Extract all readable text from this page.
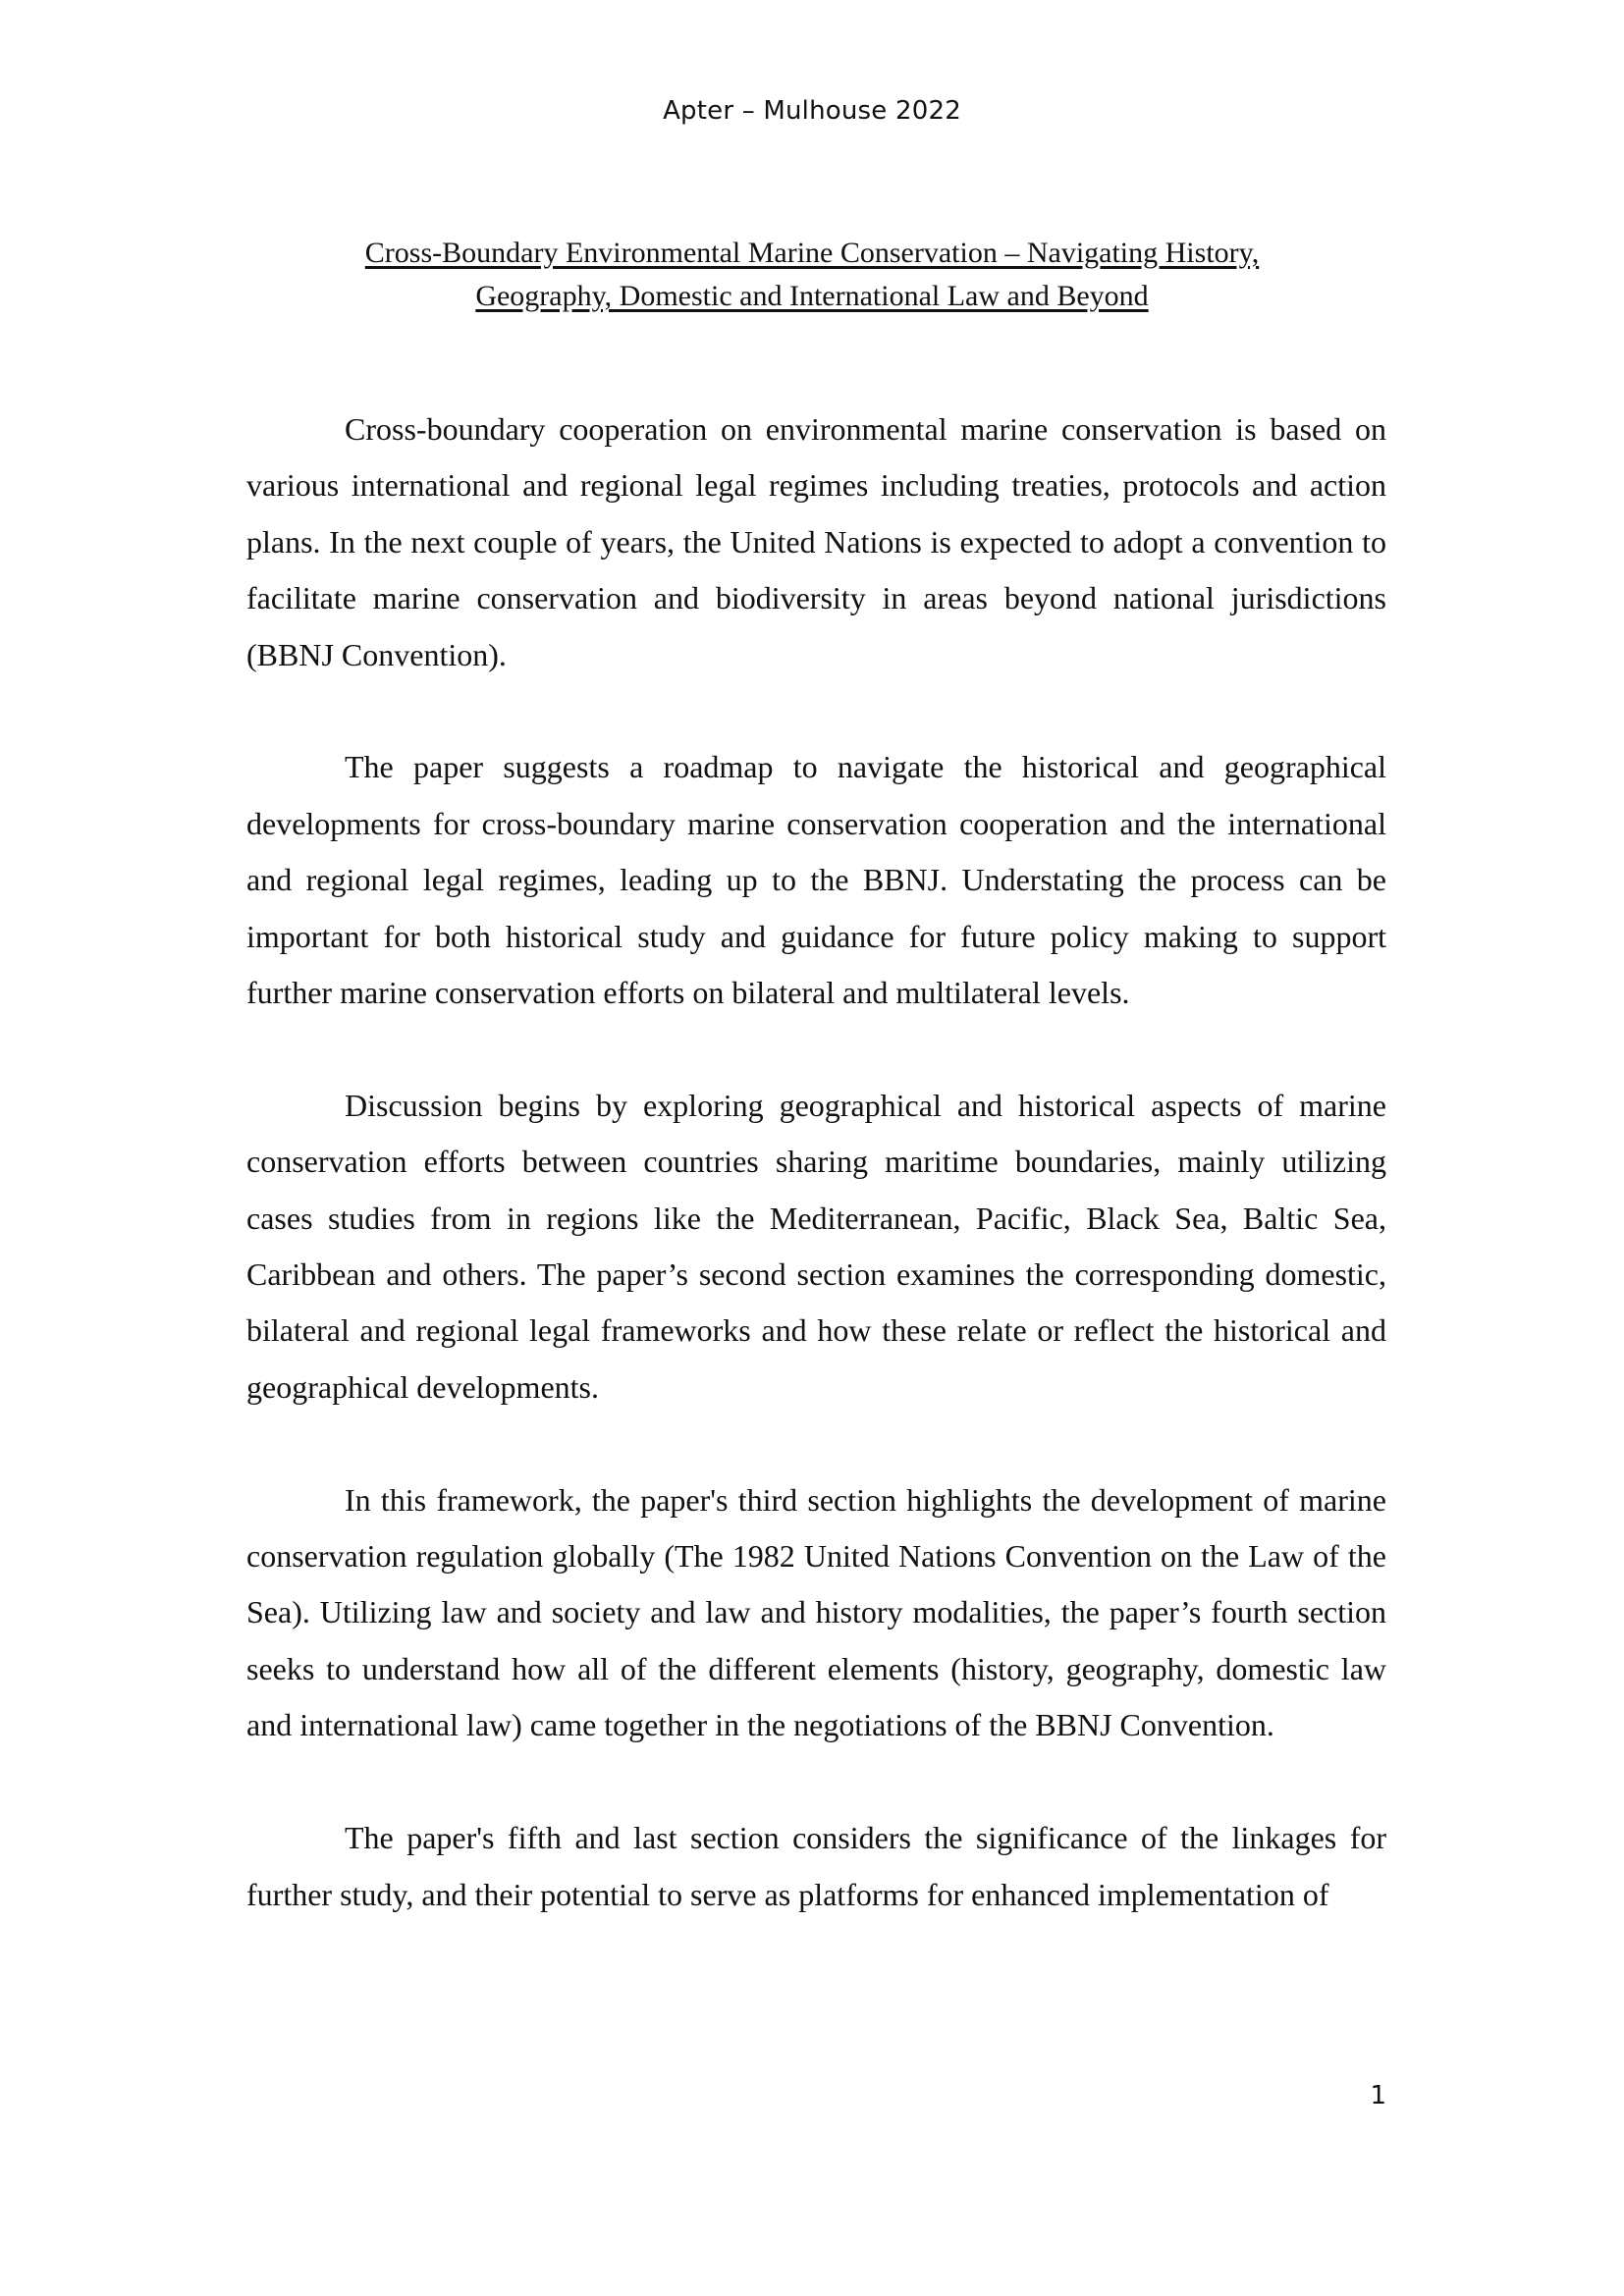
Apter – Mulhouse 2022
Cross-Boundary Environmental Marine Conservation – Navigating History,
Geography, Domestic and International Law and Beyond

Cross-boundary cooperation on environmental marine conservation is based on various international and regional legal regimes including treaties, protocols and action plans. In the next couple of years, the United Nations is expected to adopt a convention to facilitate marine conservation and biodiversity in areas beyond national jurisdictions (BBNJ Convention).

The paper suggests a roadmap to navigate the historical and geographical developments for cross-boundary marine conservation cooperation and the international and regional legal regimes, leading up to the BBNJ. Understating the process can be important for both historical study and guidance for future policy making to support further marine conservation efforts on bilateral and multilateral levels.

Discussion begins by exploring geographical and historical aspects of marine conservation efforts between countries sharing maritime boundaries, mainly utilizing cases studies from in regions like the Mediterranean, Pacific, Black Sea, Baltic Sea, Caribbean and others. The paper’s second section examines the corresponding domestic, bilateral and regional legal frameworks and how these relate or reflect the historical and geographical developments.

In this framework, the paper's third section highlights the development of marine conservation regulation globally (The 1982 United Nations Convention on the Law of the Sea). Utilizing law and society and law and history modalities, the paper’s fourth section seeks to understand how all of the different elements (history, geography, domestic law and international law) came together in the negotiations of the BBNJ Convention.

The paper's fifth and last section considers the significance of the linkages for further study, and their potential to serve as platforms for enhanced implementation of

1
